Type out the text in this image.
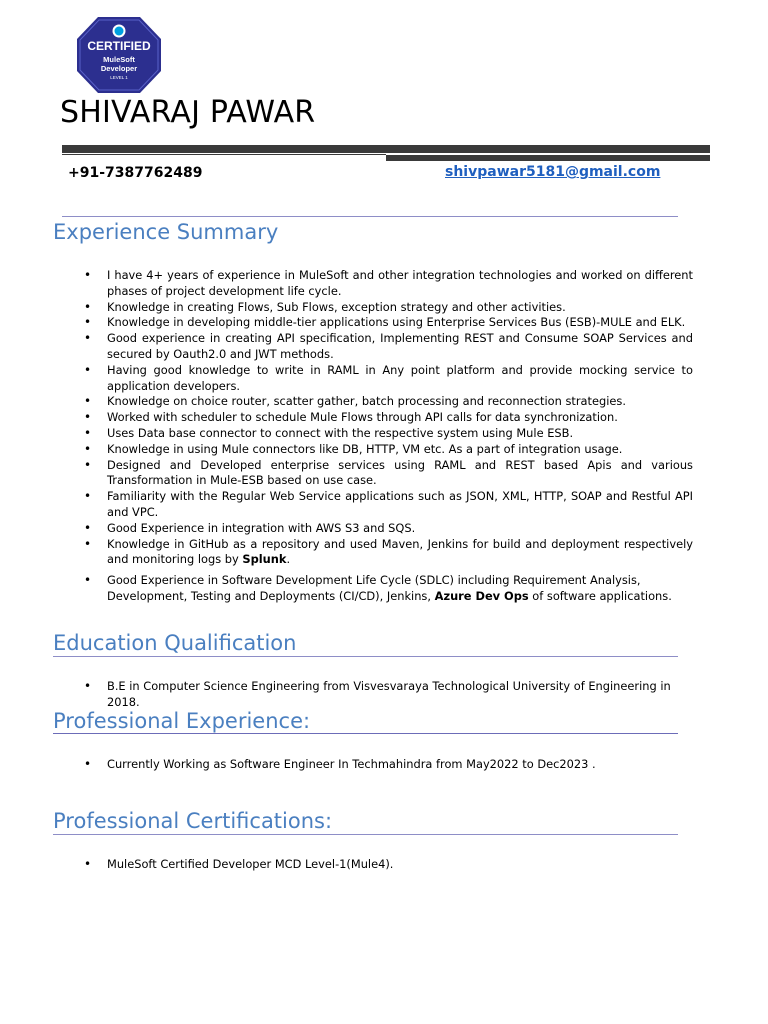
CERTIFIED
MuleSoft
Developer
LEVEL 1
SHIVARAJ PAWAR
+91-7387762489	shivpawar5181@gmail.com
Experience Summary
• I have 4+ years of experience in MuleSoft and other integration technologies and worked on different phases of project development life cycle.
• Knowledge in creating Flows, Sub Flows, exception strategy and other activities.
• Knowledge in developing middle-tier applications using Enterprise Services Bus (ESB)-MULE and ELK.
• Good experience in creating API specification, Implementing REST and Consume SOAP Services and secured by Oauth2.0 and JWT methods.
• Having good knowledge to write in RAML in Any point platform and provide mocking service to application developers.
• Knowledge on choice router, scatter gather, batch processing and reconnection strategies.
• Worked with scheduler to schedule Mule Flows through API calls for data synchronization.
• Uses Data base connector to connect with the respective system using Mule ESB.
• Knowledge in using Mule connectors like DB, HTTP, VM etc. As a part of integration usage.
• Designed and Developed enterprise services using RAML and REST based Apis and various Transformation in Mule-ESB based on use case.
• Familiarity with the Regular Web Service applications such as JSON, XML, HTTP, SOAP and Restful API and VPC.
• Good Experience in integration with AWS S3 and SQS.
• Knowledge in GitHub as a repository and used Maven, Jenkins for build and deployment respectively and monitoring logs by Splunk.
• Good Experience in Software Development Life Cycle (SDLC) including Requirement Analysis, Development, Testing and Deployments (CI/CD), Jenkins, Azure Dev Ops of software applications.
Education Qualification
• B.E in Computer Science Engineering from Visvesvaraya Technological University of Engineering in 2018.
Professional Experience:
• Currently Working as Software Engineer In Techmahindra from May2022 to Dec2023 .
Professional Certifications:
• MuleSoft Certified Developer MCD Level-1(Mule4).
